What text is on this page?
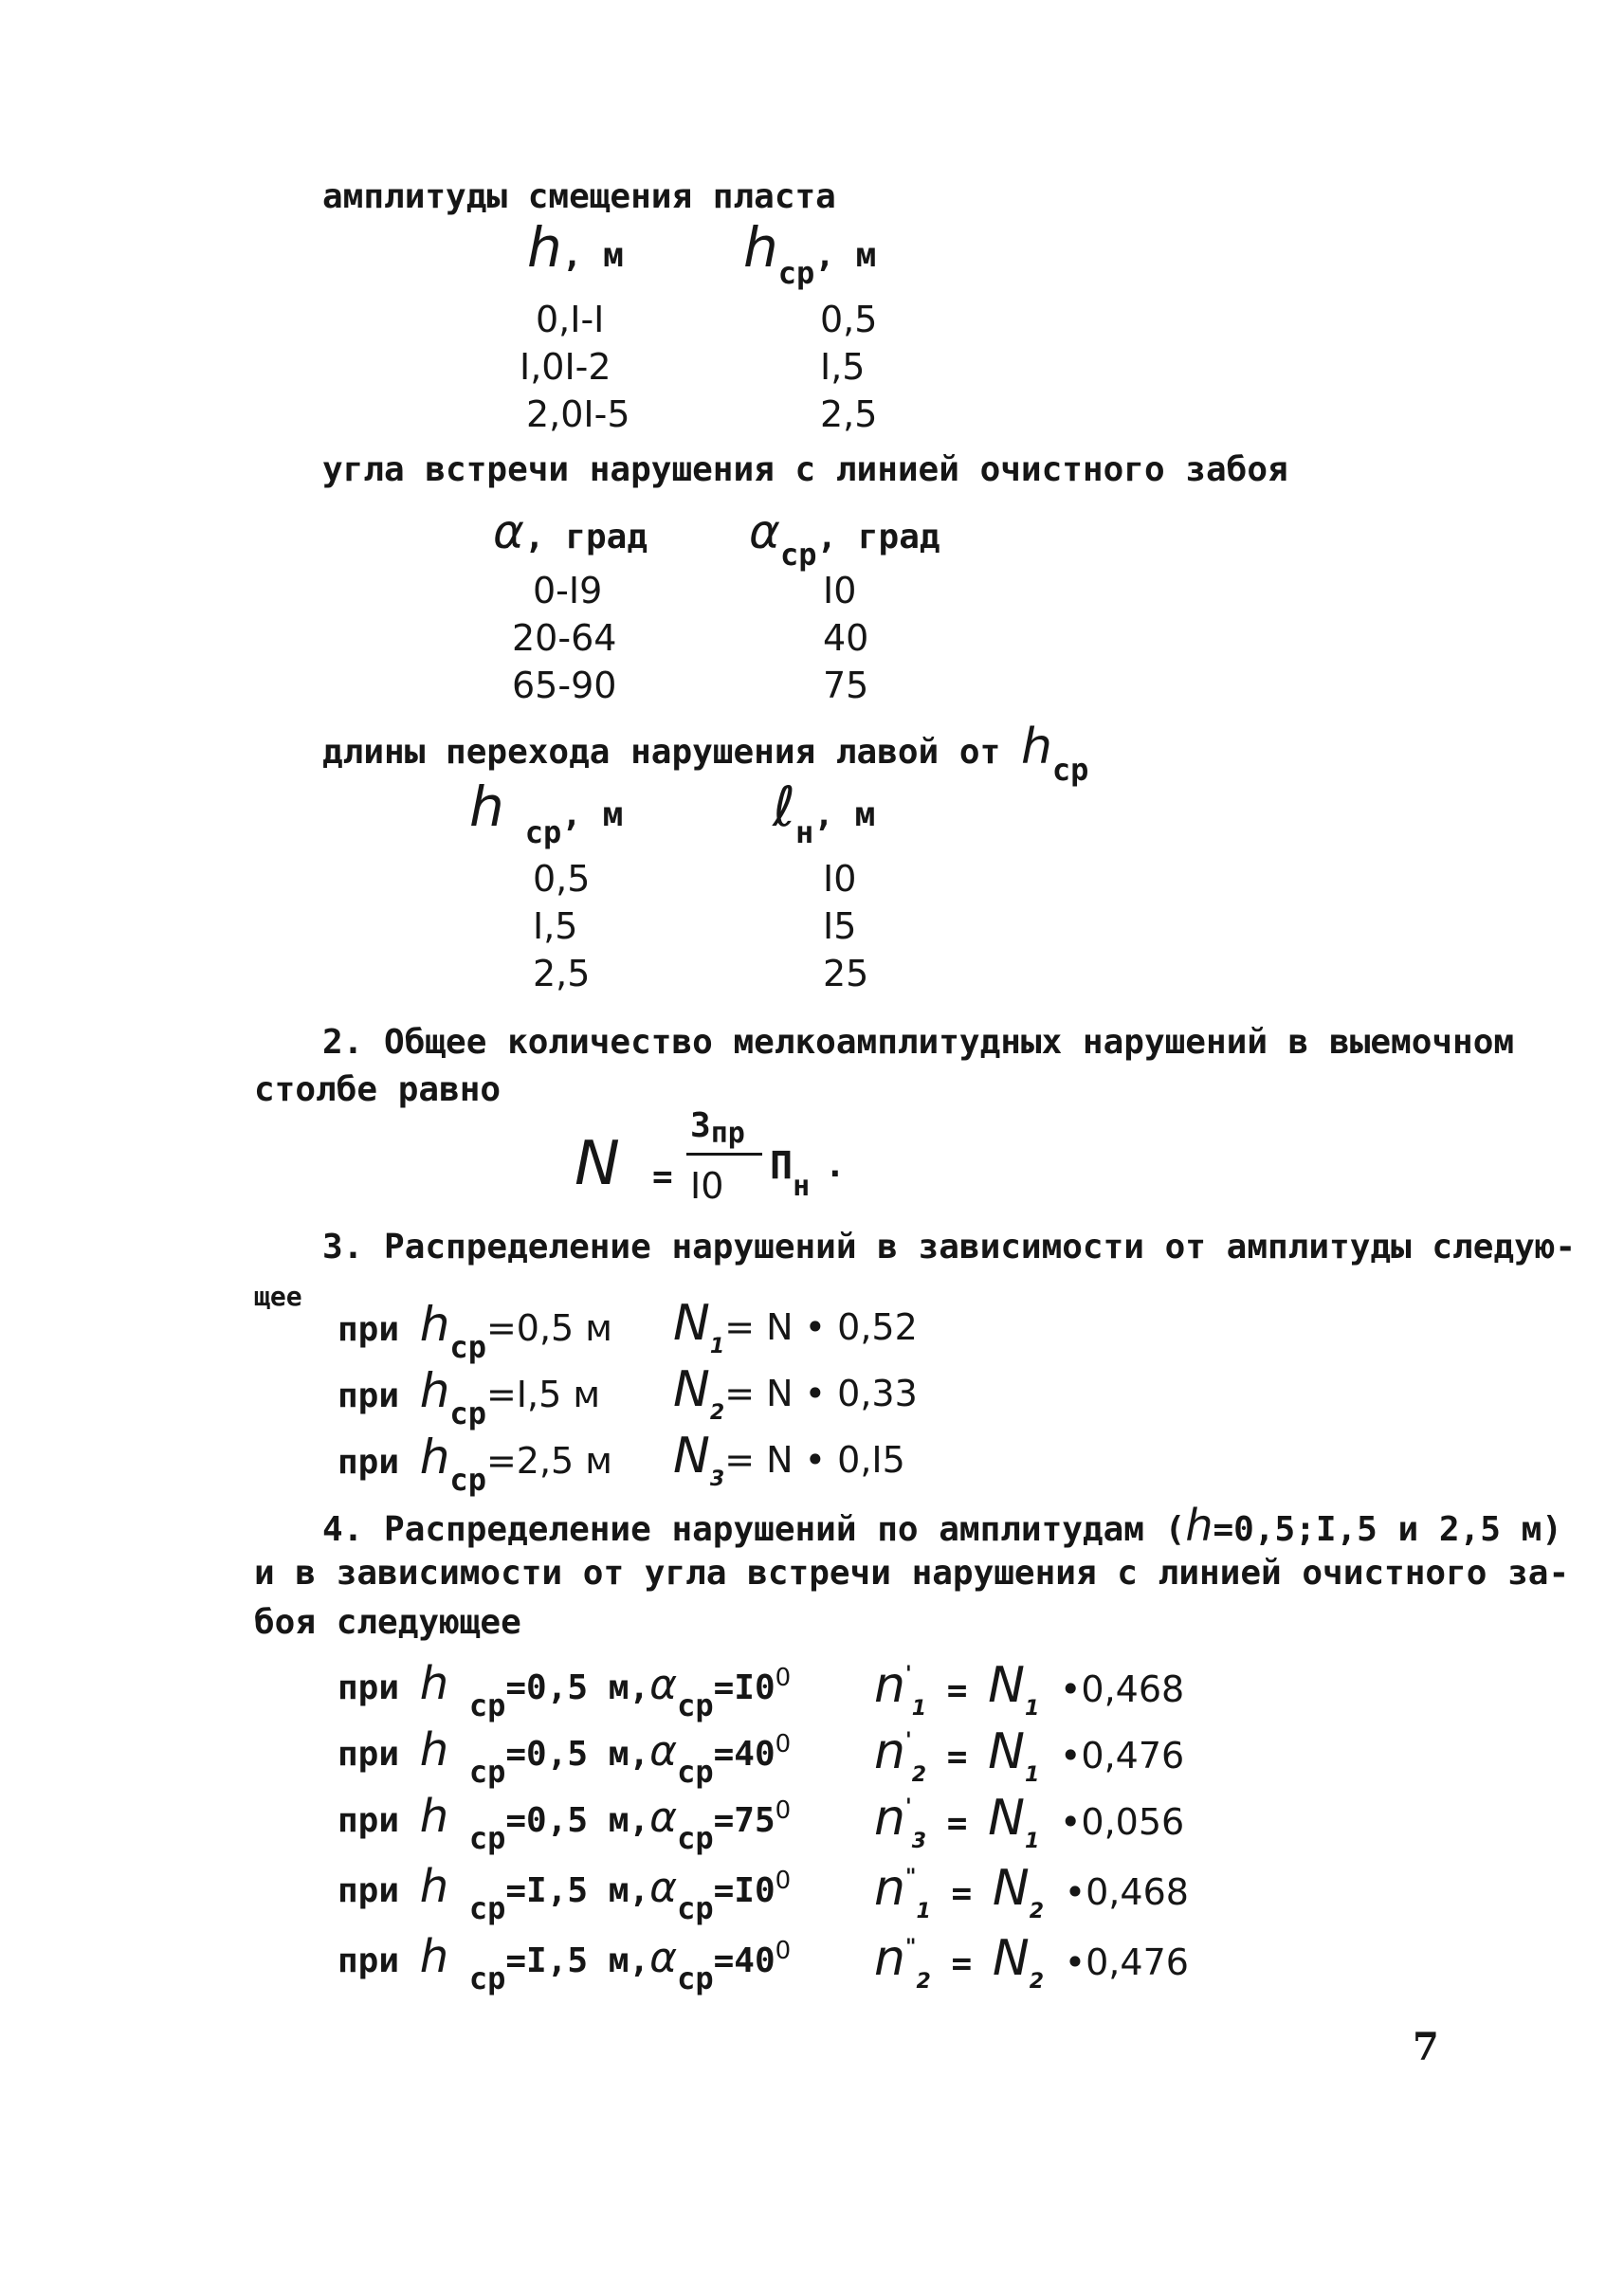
амплитуды смещения пласта
h, м hср, м
0,I-I	0,5
I,0I-2	I,5
2,0I-5	2,5
угла встречи нарушения с линией очистного забоя
α, град αср, град
0-I9	I0
20-64	40
65-90	75
длины перехода нарушения лавой от hср
hср, м	ℓн, м
0,5	I0
I,5	I5
2,5	25
2. Общее количество мелкоамплитудных нарушений в выемочном
столбе равно
N =
Зпр
I0 $П_н$
.
3. Распределение нарушений в зависимости от амплитуды следую-
щее
при hср=0,5 м $N_1= N$ • 0,52
при hср=I,5 м $N_2= N$ • 0,33
при hср=2,5 м $N_3= N$ • 0,I5
4. Распределение нарушений по амплитудам (h=0,5;I,5 и 2,5 м)
и в зависимости от угла встречи нарушения с линией очистного за-
боя следующее
при h ср=0,5 $м,\alpha ср=I0^0$ $n'_1 = N_1$ •0,468
при h ср=0,5 $м,\alpha ср=40^0$ $n'_2 = N_1$ •0,476
при h ср=0,5 $м,\alpha ср=75^0$ $n'_3 = N_1$ •0,056
при h ср=I,5 $м,\alpha ср=I0^0$ $n^"_1 = N_2$ •0,468
при h ср=I,5 $м,\alpha ср=40^0$ $n^"_2 = N_2$ •0,476
7
